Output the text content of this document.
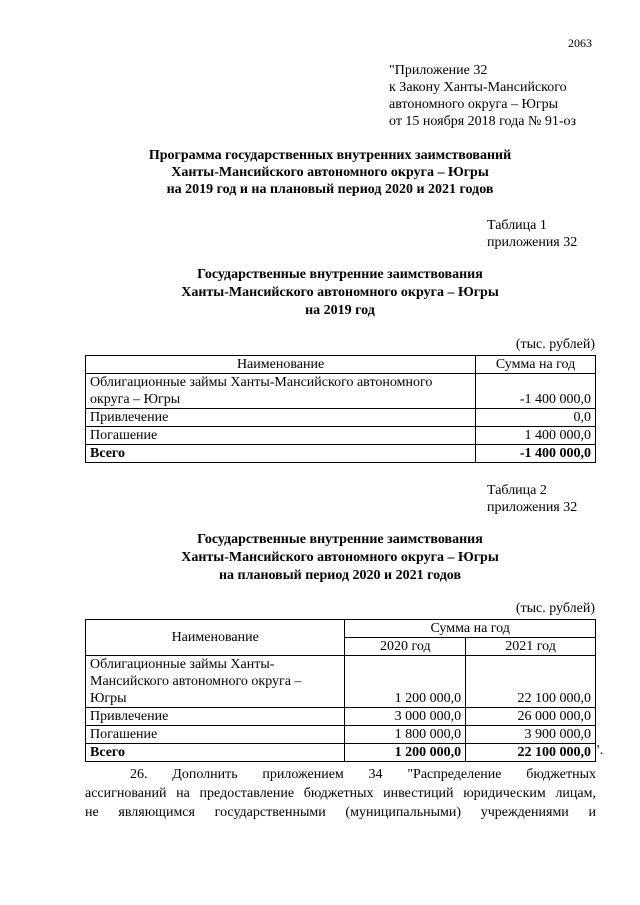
2063
"Приложение 32
к Закону Ханты-Мансийского
автономного округа – Югры
от 15 ноября 2018 года № 91-оз
Программа государственных внутренних заимствований
Ханты-Мансийского автономного округа – Югры
на 2019 год и на плановый период 2020 и 2021 годов
Таблица 1
приложения 32
Государственные внутренние заимствования
Ханты-Мансийского автономного округа – Югры
на 2019 год
(тыс. рублей)
Наименование	Сумма на год

Облигационные займы Ханты-Мансийского автономного
округа – Югры	-1 400 000,0
Привлечение	0,0
Погашение	1 400 000,0
Всего	-1 400 000,0
Таблица 2
приложения 32
Государственные внутренние заимствования
Ханты-Мансийского автономного округа – Югры
на плановый период 2020 и 2021 годов
(тыс. рублей)
Наименование	Сумма на год	
	2020 год	2021 год

Облигационные займы Ханты-
Мансийского автономного округа –
Югры	1 200 000,0	22 100 000,0
Привлечение	3 000 000,0	26 000 000,0
Погашение	1 800 000,0	3 900 000,0
Всего	1 200 000,0	22 100 000,0 ".
26. Дополнить приложением 34 "Распределение бюджетных
ассигнований на предоставление бюджетных инвестиций юридическим лицам,
не являющимся государственными (муниципальными) учреждениями и
